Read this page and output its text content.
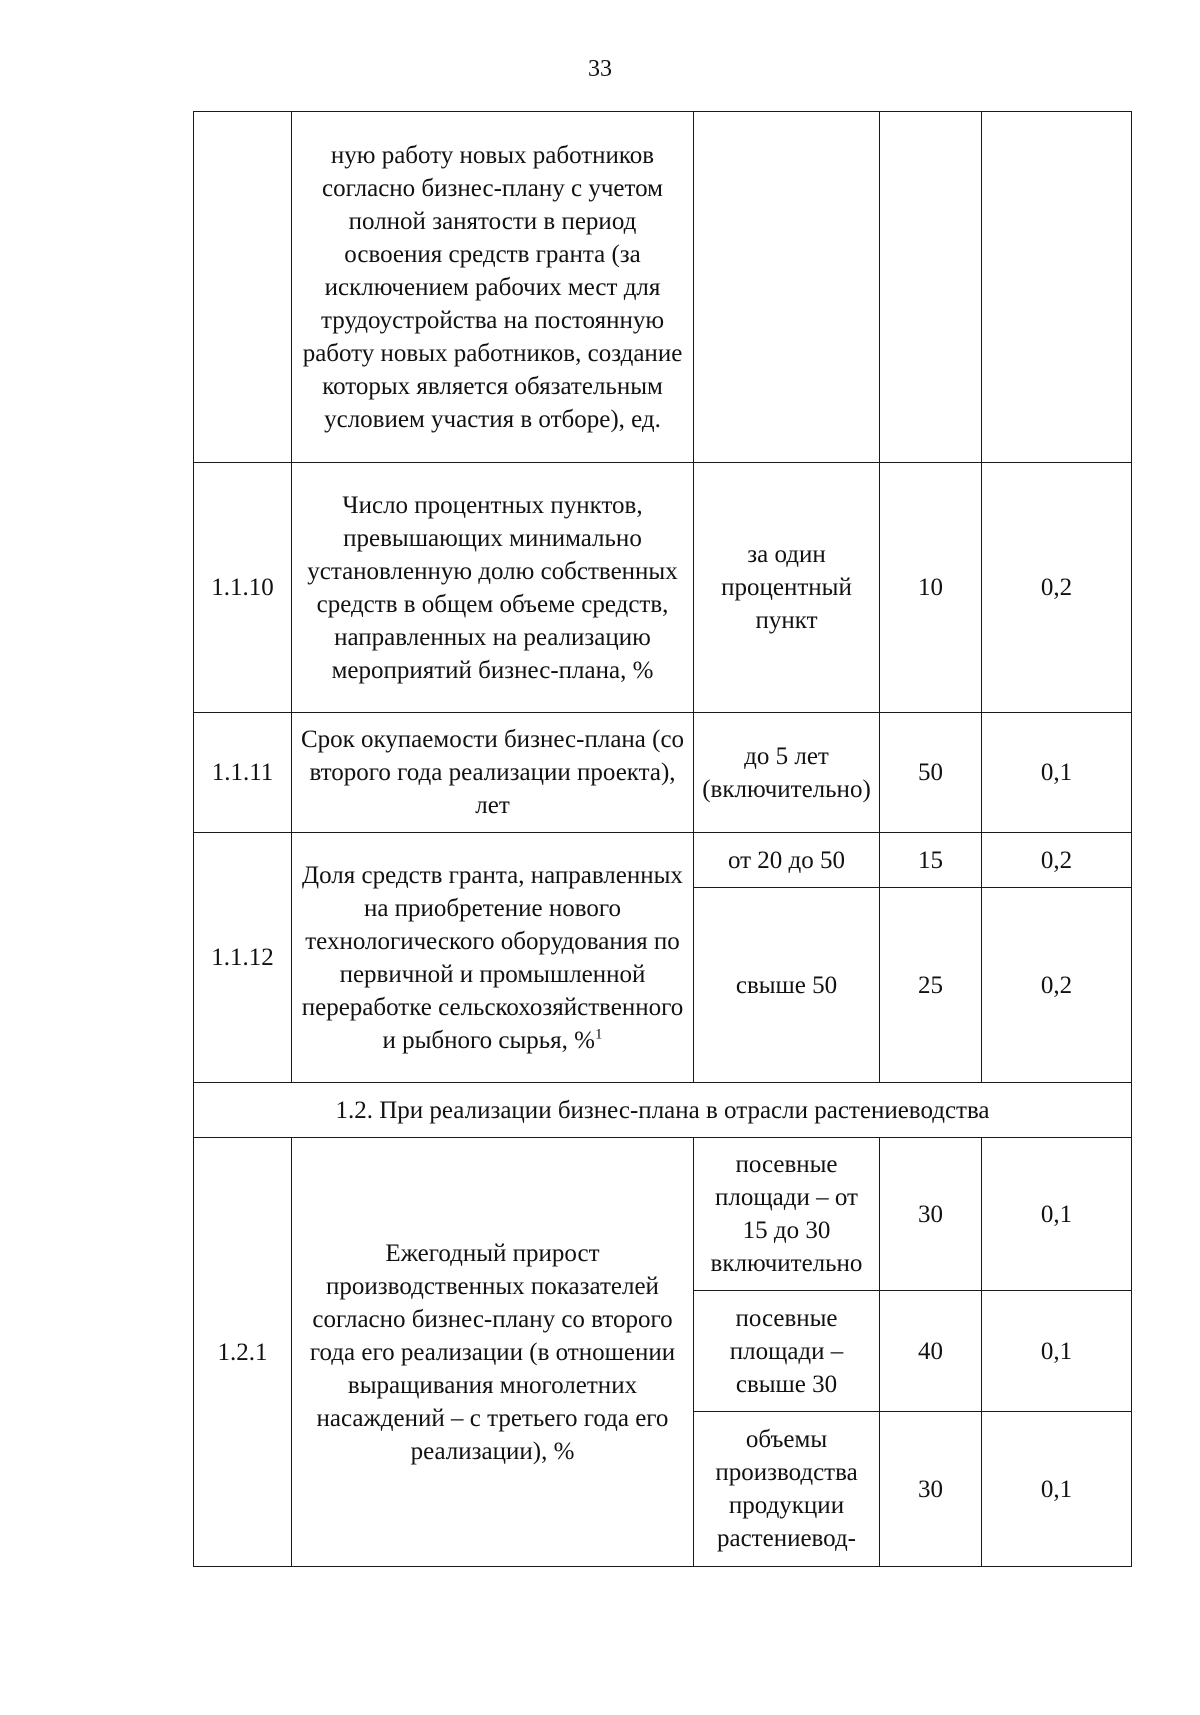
33
	ную работу новых работников согласно бизнес-плану с учетом полной занятости в период освоения средств гранта (за исключением рабочих мест для трудоустройства на постоянную работу новых работников, создание которых является обязательным условием участия в отборе), ед.			
1.1.10	Число процентных пунктов, превышающих минимально установленную долю собственных средств в общем объеме средств, направленных на реализацию мероприятий бизнес-плана, %	за один процентный пункт	10	0,2
1.1.11	Срок окупаемости бизнес-плана (со второго года реализации проекта), лет	до 5 лет (включительно)	50	0,1
1.1.12	Доля средств гранта, направленных на приобретение нового технологического оборудования по первичной и промышленной переработке сельскохозяйственного и рыбного сырья, %$^1$	от 20 до 50	15	0,2
		свыше 50	25	0,2
1.2. При реализации бизнес-плана в отрасли растениеводства				
1.2.1	Ежегодный прирост производственных показателей согласно бизнес-плану со второго года его реализации (в отношении выращивания многолетних насаждений – с третьего года его реализации), %	посевные площади – от 15 до 30 включительно	30	0,1
		посевные площади – свыше 30	40	0,1
		объемы производства продукции растениевод-	30	0,1
